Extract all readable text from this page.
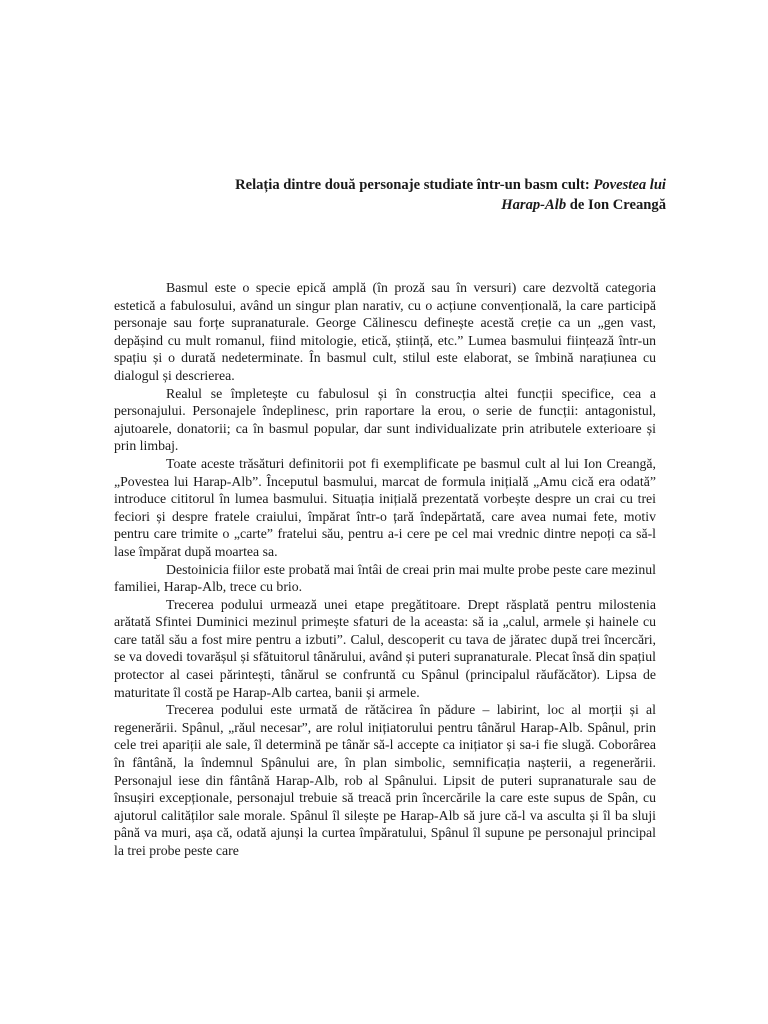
Relația dintre două personaje studiate într-un basm cult: Povestea lui
Harap-Alb de Ion Creangă

Basmul este o specie epică amplă (în proză sau în versuri) care dezvoltă categoria estetică a fabulosului, având un singur plan narativ, cu o acțiune convențională, la care participă personaje sau forțe supranaturale. George Călinescu definește acestă creție ca un „gen vast, depășind cu mult romanul, fiind mitologie, etică, știință, etc.” Lumea basmului ființează într-un spațiu și o durată nedeterminate. În basmul cult, stilul este elaborat, se îmbină narațiunea cu dialogul și descrierea.

Realul se împletește cu fabulosul și în construcția altei funcții specifice, cea a personajului. Personajele îndeplinesc, prin raportare la erou, o serie de funcții: antagonistul, ajutoarele, donatorii; ca în basmul popular, dar sunt individualizate prin atributele exterioare și prin limbaj.

Toate aceste trăsături definitorii pot fi exemplificate pe basmul cult al lui Ion Creangă, „Povestea lui Harap-Alb”. Începutul basmului, marcat de formula inițială „Amu cică era odată” introduce cititorul în lumea basmului. Situația inițială prezentată vorbește despre un crai cu trei feciori și despre fratele craiului, împărat într-o țară îndepărtată, care avea numai fete, motiv pentru care trimite o „carte” fratelui său, pentru a-i cere pe cel mai vrednic dintre nepoți ca să-l lase împărat după moartea sa.

Destoinicia fiilor este probată mai întâi de creai prin mai multe probe peste care mezinul familiei, Harap-Alb, trece cu brio.

Trecerea podului urmează unei etape pregătitoare. Drept răsplată pentru milostenia arătată Sfintei Duminici mezinul primește sfaturi de la aceasta: să ia „calul, armele și hainele cu care tatăl său a fost mire pentru a izbuti”. Calul, descoperit cu tava de jăratec după trei încercări, se va dovedi tovarășul și sfătuitorul tânărului, având și puteri supranaturale. Plecat însă din spațiul protector al casei părintești, tânărul se confruntă cu Spânul (principalul răufăcător). Lipsa de maturitate îl costă pe Harap-Alb cartea, banii și armele.

Trecerea podului este urmată de rătăcirea în pădure – labirint, loc al morții și al regenerării. Spânul, „răul necesar”, are rolul inițiatorului pentru tânărul Harap-Alb. Spânul, prin cele trei apariții ale sale, îl determină pe tânăr să-l accepte ca inițiator și sa-i fie slugă. Coborârea în fântână, la îndemnul Spânului are, în plan simbolic, semnificația nașterii, a regenerării. Personajul iese din fântână Harap-Alb, rob al Spânului. Lipsit de puteri supranaturale sau de însușiri excepționale, personajul trebuie să treacă prin încercările la care este supus de Spân, cu ajutorul calităților sale morale. Spânul îl silește pe Harap-Alb să jure că-l va asculta și îl ba sluji până va muri, așa că, odată ajunși la curtea împăratului, Spânul îl supune pe personajul principal la trei probe peste care
